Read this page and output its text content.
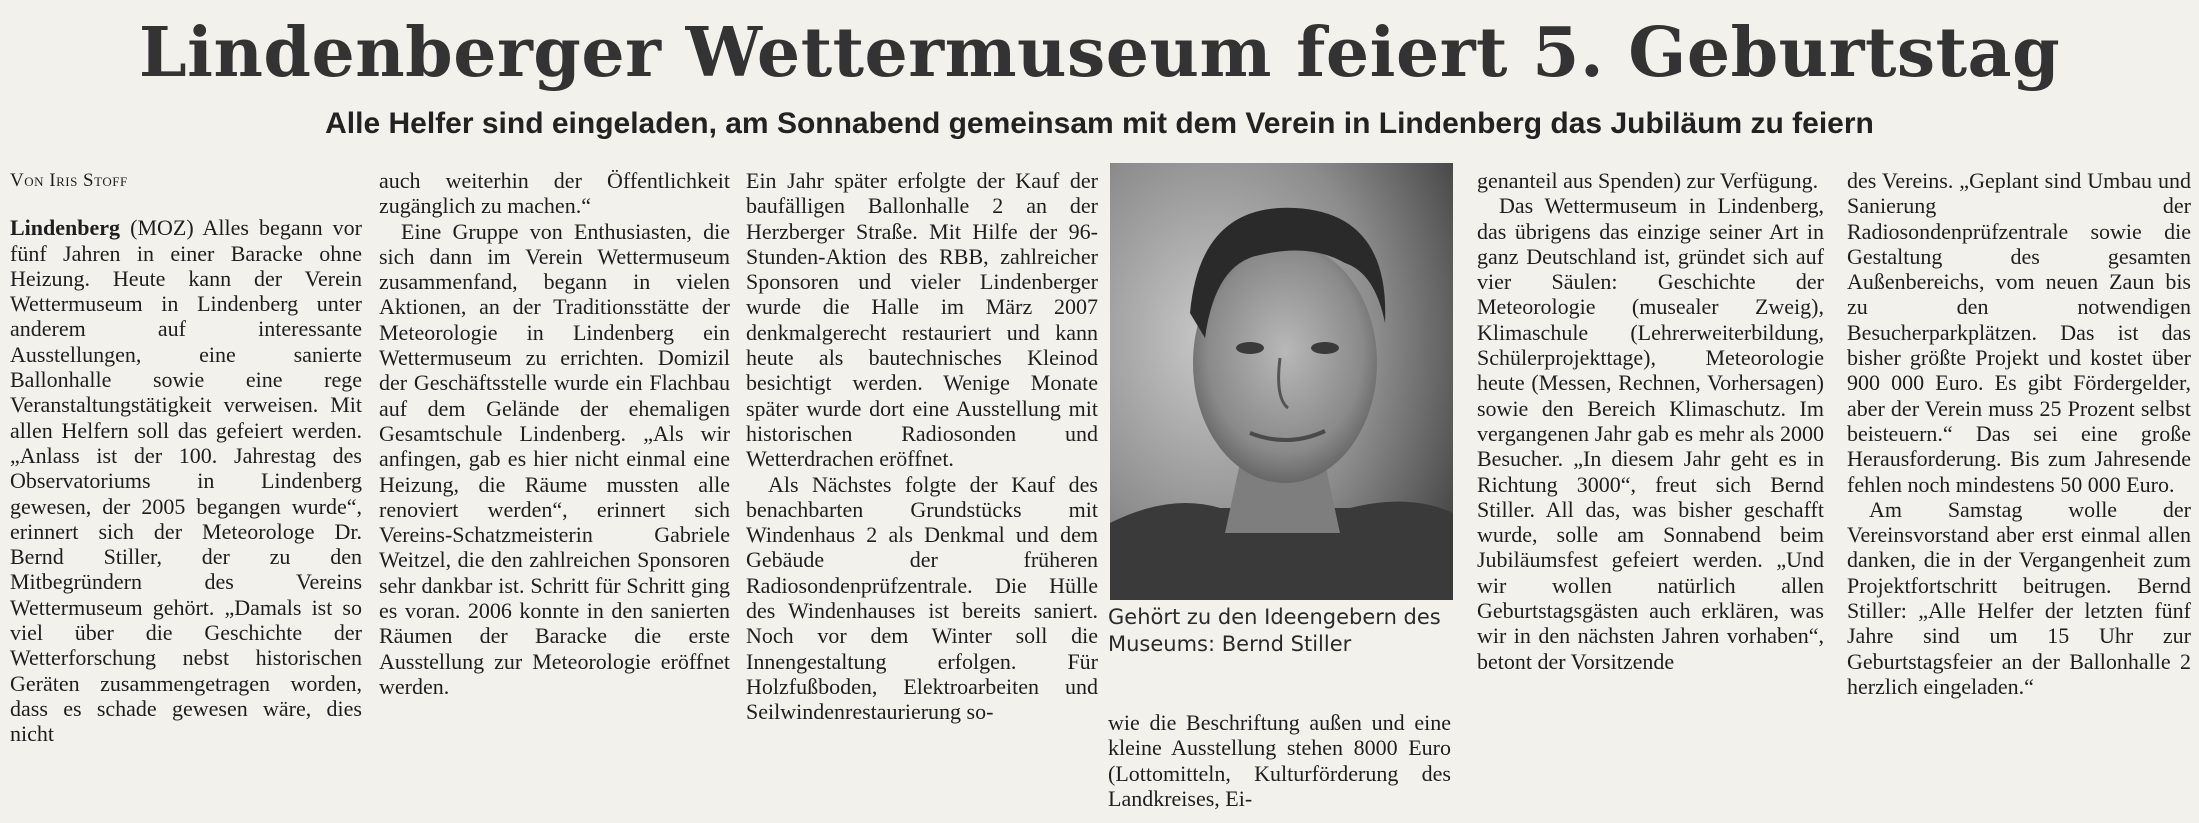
Lindenberger Wettermuseum feiert 5. Geburtstag
Alle Helfer sind eingeladen, am Sonnabend gemeinsam mit dem Verein in Lindenberg das Jubiläum zu feiern

Von Iris Stoff

Lindenberg (MOZ) Alles begann vor fünf Jahren in einer Baracke ohne Heizung. Heute kann der Verein Wettermuseum in Lindenberg unter anderem auf interessante Ausstellungen, eine sanierte Ballonhalle sowie eine rege Veranstaltungstätigkeit verweisen. Mit allen Helfern soll das gefeiert werden. „Anlass ist der 100. Jahrestag des Observatoriums in Lindenberg gewesen, der 2005 begangen wurde“, erinnert sich der Meteorologe Dr. Bernd Stiller, der zu den Mitbegründern des Vereins Wettermuseum gehört. „Damals ist so viel über die Geschichte der Wetterforschung nebst historischen Geräten zusammengetragen worden, dass es schade gewesen wäre, dies nicht

auch weiterhin der Öffentlichkeit zugänglich zu machen.“

Eine Gruppe von Enthusiasten, die sich dann im Verein Wettermuseum zusammenfand, begann in vielen Aktionen, an der Traditionsstätte der Meteorologie in Lindenberg ein Wettermuseum zu errichten. Domizil der Geschäftsstelle wurde ein Flachbau auf dem Gelände der ehemaligen Gesamtschule Lindenberg. „Als wir anfingen, gab es hier nicht einmal eine Heizung, die Räume mussten alle renoviert werden“, erinnert sich Vereins-Schatzmeisterin Gabriele Weitzel, die den zahlreichen Sponsoren sehr dankbar ist. Schritt für Schritt ging es voran. 2006 konnte in den sanierten Räumen der Baracke die erste Ausstellung zur Meteorologie eröffnet werden.

Ein Jahr später erfolgte der Kauf der baufälligen Ballonhalle 2 an der Herzberger Straße. Mit Hilfe der 96-Stunden-Aktion des RBB, zahlreicher Sponsoren und vieler Lindenberger wurde die Halle im März 2007 denkmalgerecht restauriert und kann heute als bautechnisches Kleinod besichtigt werden. Wenige Monate später wurde dort eine Ausstellung mit historischen Radiosonden und Wetterdrachen eröffnet.

Als Nächstes folgte der Kauf des benachbarten Grundstücks mit Windenhaus 2 als Denkmal und dem Gebäude der früheren Radiosondenprüfzentrale. Die Hülle des Windenhauses ist bereits saniert. Noch vor dem Winter soll die Innengestaltung erfolgen. Für Holzfußboden, Elektroarbeiten und Seilwindenrestaurierung so-

Gehört zu den Ideengebern des Museums: Bernd Stiller

wie die Beschriftung außen und eine kleine Ausstellung stehen 8000 Euro (Lottomitteln, Kulturförderung des Landkreises, Ei-

genanteil aus Spenden) zur Verfügung.

Das Wettermuseum in Lindenberg, das übrigens das einzige seiner Art in ganz Deutschland ist, gründet sich auf vier Säulen: Geschichte der Meteorologie (musealer Zweig), Klimaschule (Lehrerweiterbildung, Schülerprojekttage), Meteorologie heute (Messen, Rechnen, Vorhersagen) sowie den Bereich Klimaschutz. Im vergangenen Jahr gab es mehr als 2000 Besucher. „In diesem Jahr geht es in Richtung 3000“, freut sich Bernd Stiller. All das, was bisher geschafft wurde, solle am Sonnabend beim Jubiläumsfest gefeiert werden. „Und wir wollen natürlich allen Geburtstagsgästen auch erklären, was wir in den nächsten Jahren vorhaben“, betont der Vorsitzende

des Vereins. „Geplant sind Umbau und Sanierung der Radiosondenprüfzentrale sowie die Gestaltung des gesamten Außenbereichs, vom neuen Zaun bis zu den notwendigen Besucherparkplätzen. Das ist das bisher größte Projekt und kostet über 900 000 Euro. Es gibt Fördergelder, aber der Verein muss 25 Prozent selbst beisteuern.“ Das sei eine große Herausforderung. Bis zum Jahresende fehlen noch mindestens 50 000 Euro.

Am Samstag wolle der Vereinsvorstand aber erst einmal allen danken, die in der Vergangenheit zum Projektfortschritt beitrugen. Bernd Stiller: „Alle Helfer der letzten fünf Jahre sind um 15 Uhr zur Geburtstagsfeier an der Ballonhalle 2 herzlich eingeladen.“
